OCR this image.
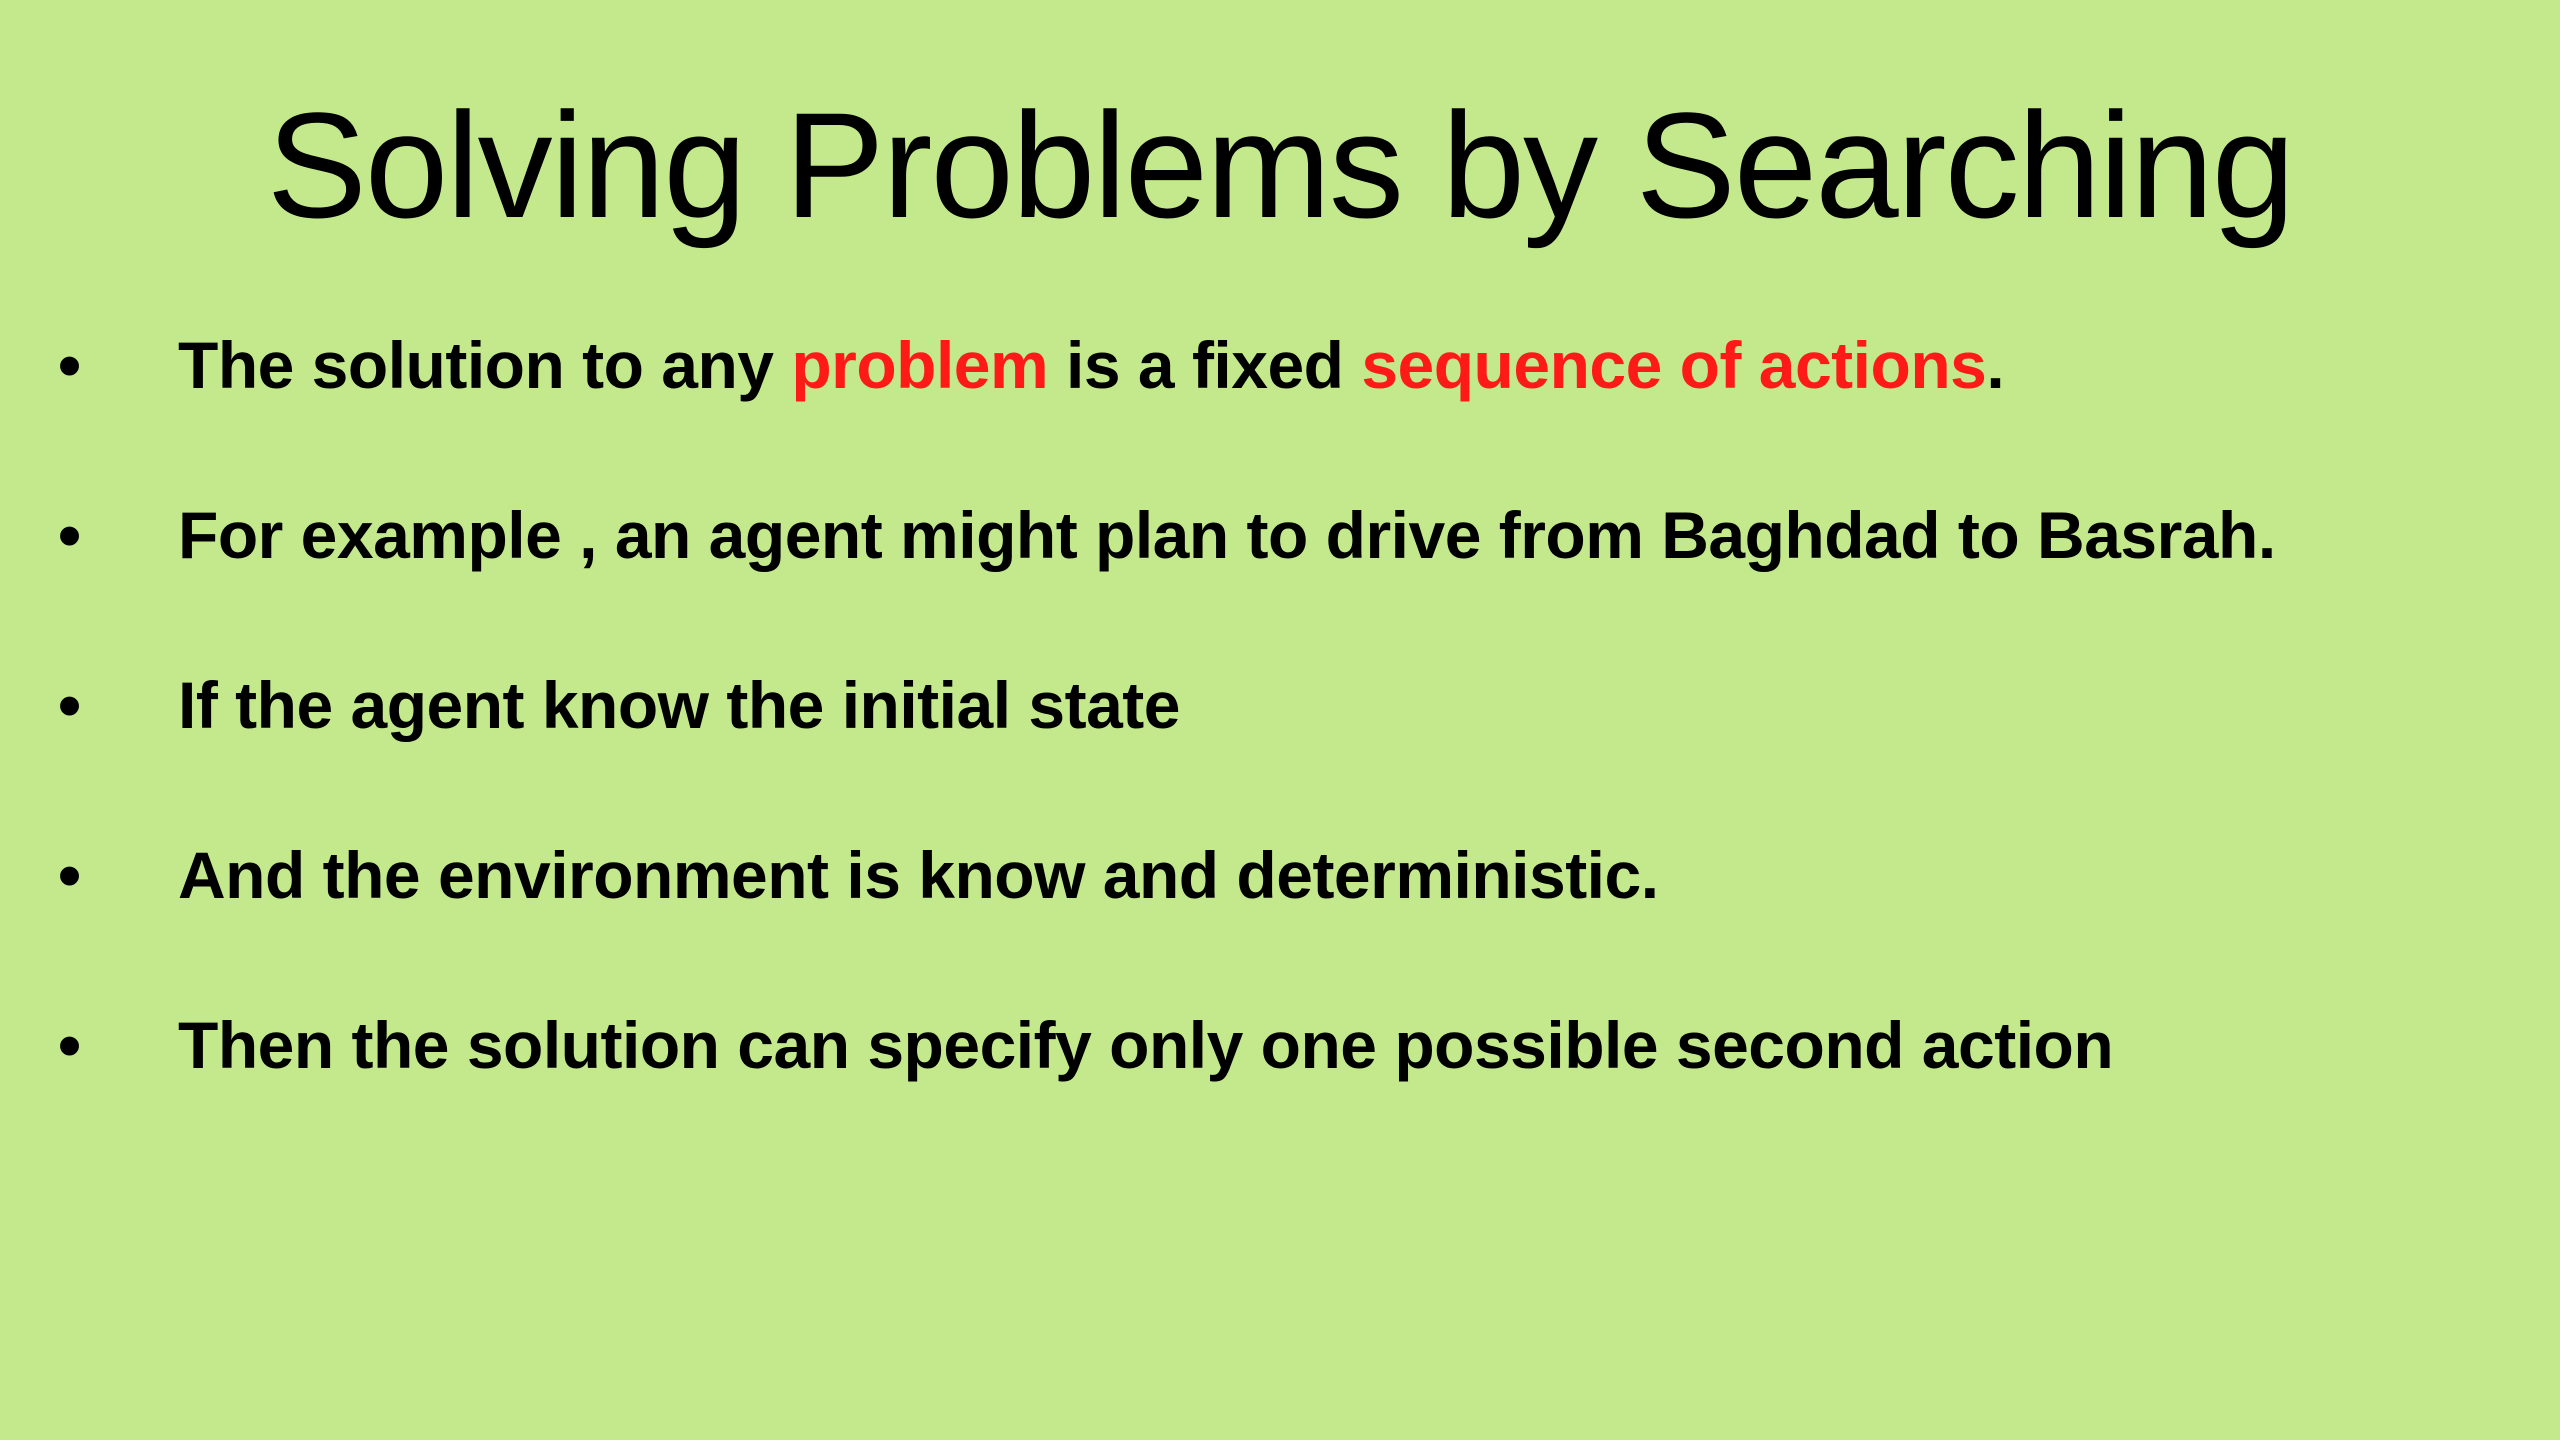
Solving Problems by Searching
• The solution to any problem is a fixed sequence of actions.
• For example , an agent might plan to drive from Baghdad to Basrah.
• If the agent know the initial state
• And the environment is know and deterministic.
• Then the solution can specify only one possible second action
